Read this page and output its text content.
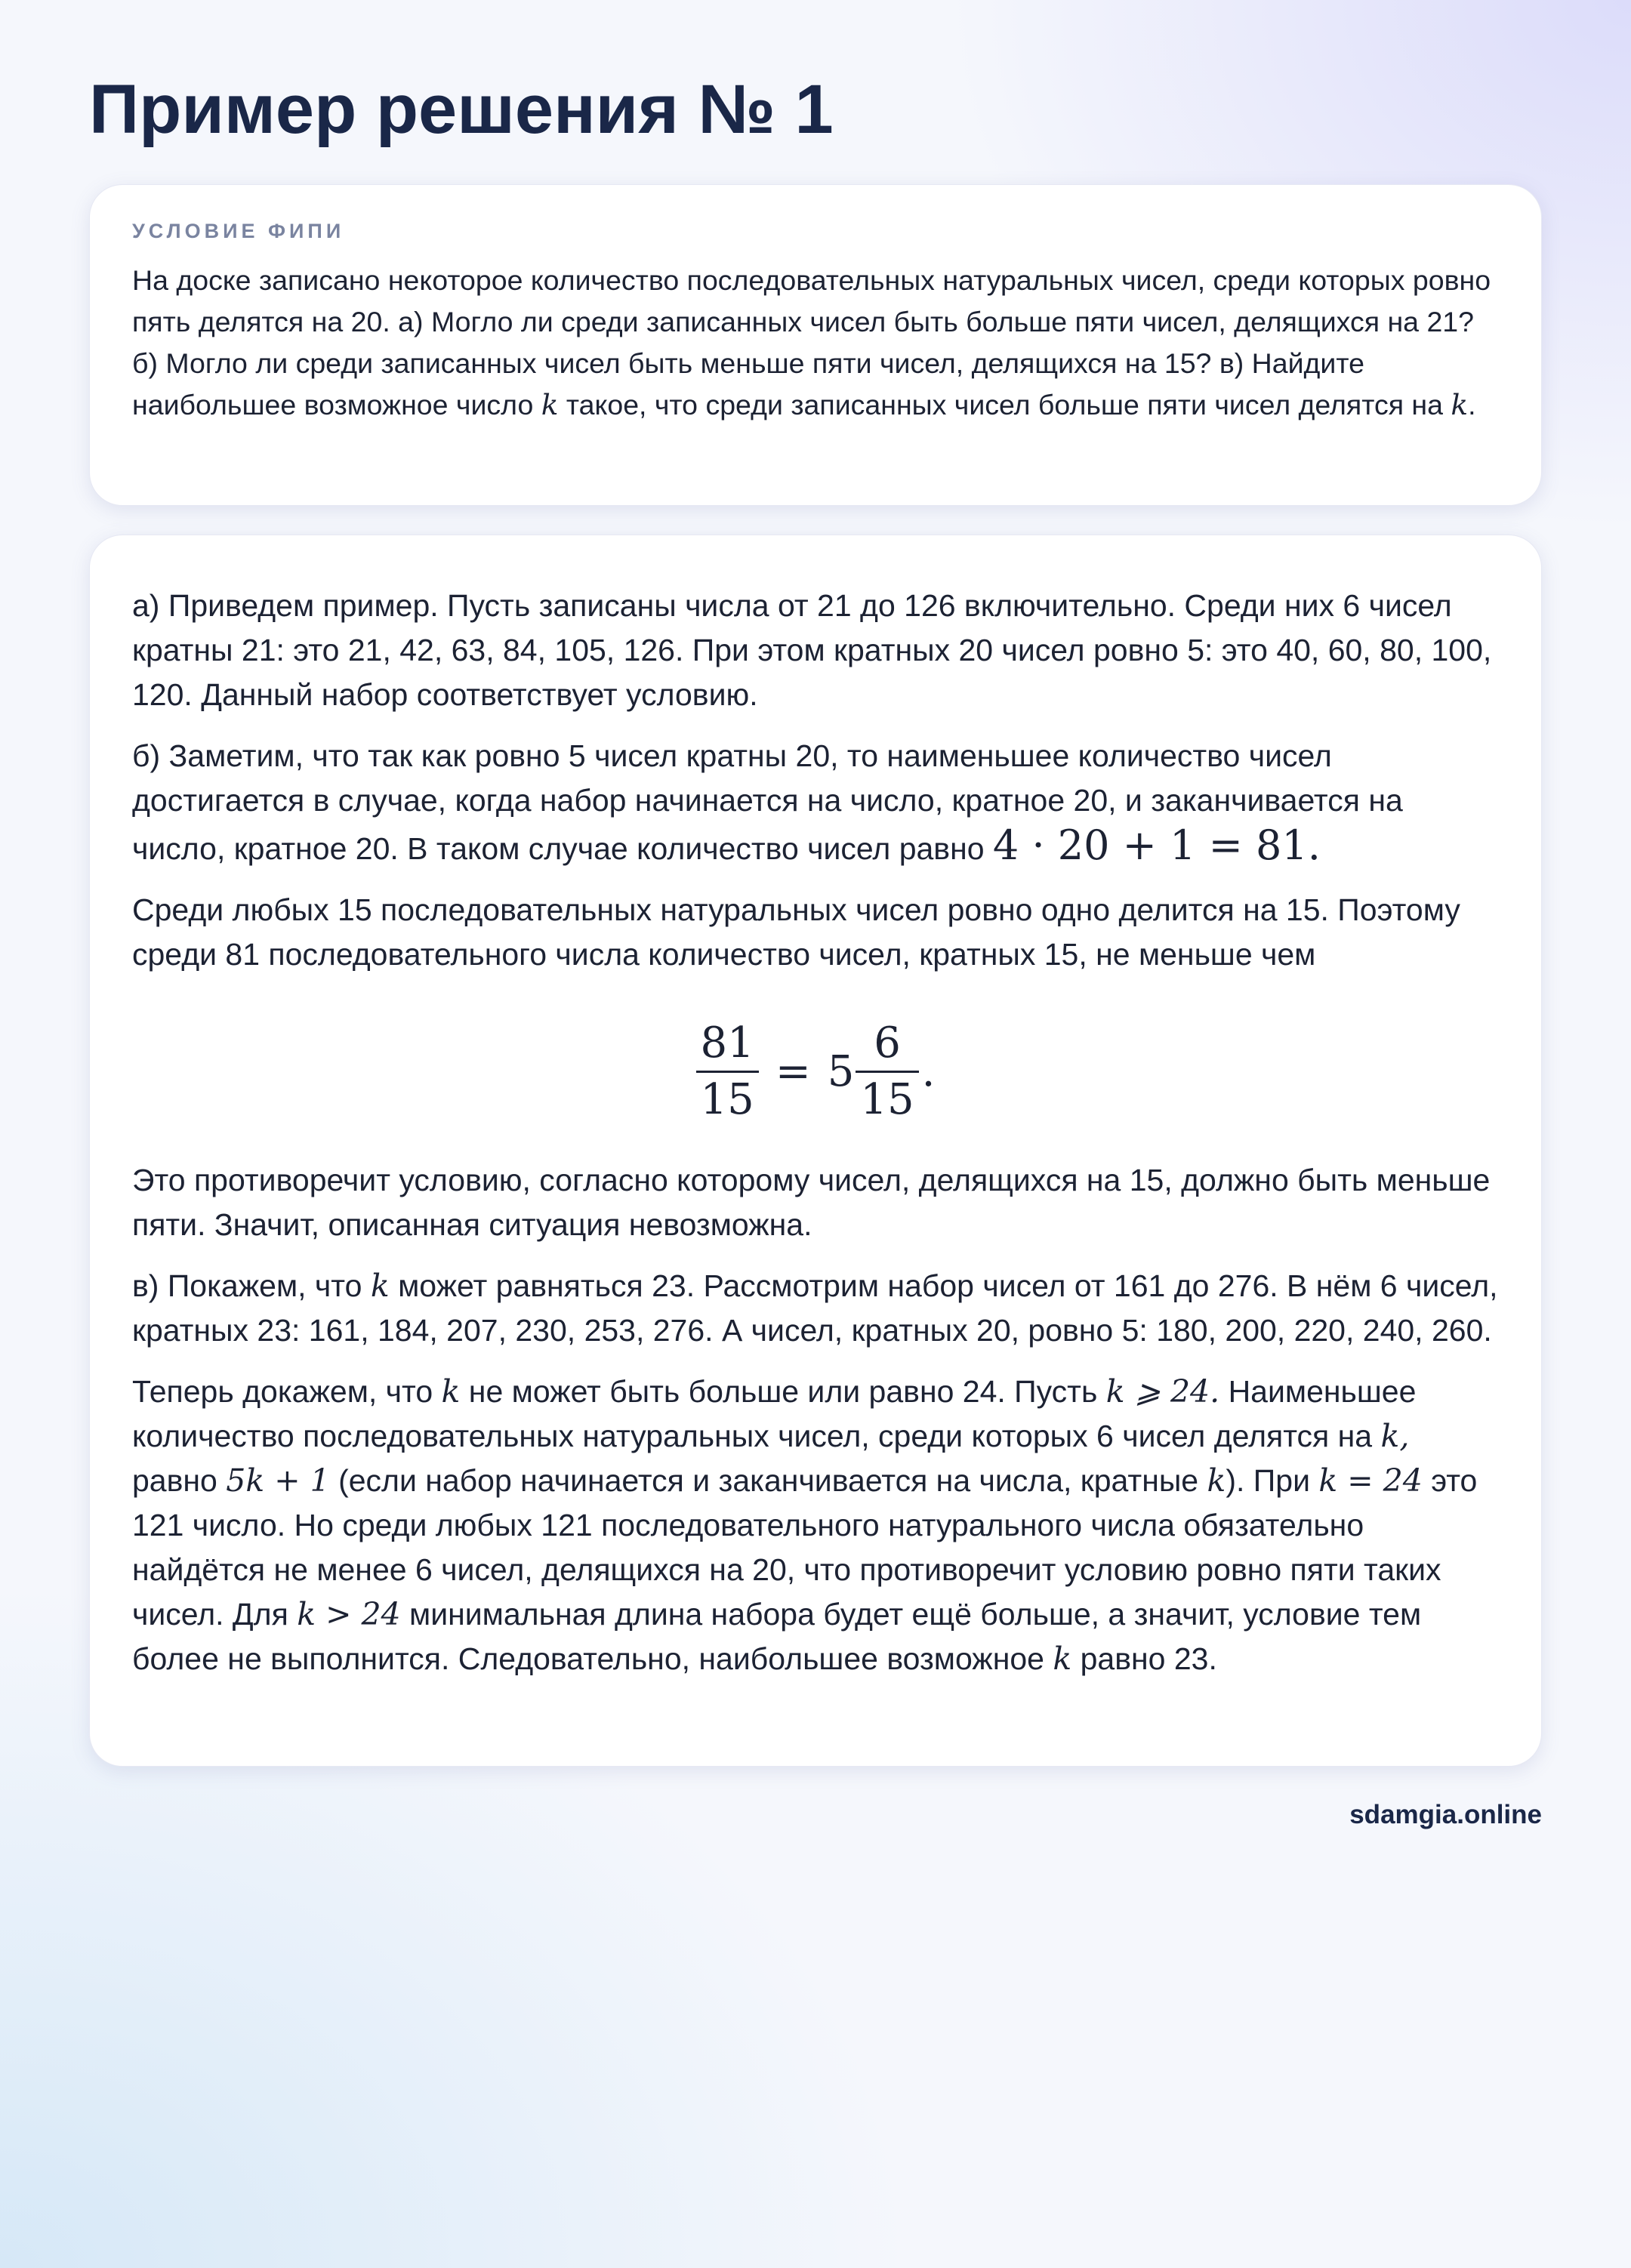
Пример решения № 1
УСЛОВИЕ ФИПИ

На доске записано некоторое количество последовательных натуральных чисел, среди которых ровно пять делятся на 20. а) Могло ли среди записанных чисел быть больше пяти чисел, делящихся на 21? б) Могло ли среди записанных чисел быть меньше пяти чисел, делящихся на 15? в) Найдите наибольшее возможное число k такое, что среди записанных чисел больше пяти чисел делятся на k.

а) Приведем пример. Пусть записаны числа от 21 до 126 включительно. Среди них 6 чисел кратны 21: это 21, 42, 63, 84, 105, 126. При этом кратных 20 чисел ровно 5: это 40, 60, 80, 100, 120. Данный набор соответствует условию.

б) Заметим, что так как ровно 5 чисел кратны 20, то наименьшее количество чисел достигается в случае, когда набор начинается на число, кратное 20, и заканчивается на число, кратное 20. В таком случае количество чисел равно 4 · 20 + 1 = 81.

Среди любых 15 последовательных натуральных чисел ровно одно делится на 15. Поэтому среди 81 последовательного числа количество чисел, кратных 15, не меньше чем

$\frac{81}{15} = 5 \frac{6}{15}$ .

Это противоречит условию, согласно которому чисел, делящихся на 15, должно быть меньше пяти. Значит, описанная ситуация невозможна.

в) Покажем, что k может равняться 23. Рассмотрим набор чисел от 161 до 276. В нём 6 чисел, кратных 23: 161, 184, 207, 230, 253, 276. А чисел, кратных 20, ровно 5: 180, 200, 220, 240, 260.

Теперь докажем, что k не может быть больше или равно 24. Пусть k ⩾ 24. Наименьшее количество последовательных натуральных чисел, среди которых 6 чисел делятся на k, равно 5k + 1 (если набор начинается и заканчивается на числа, кратные k). При k = 24 это 121 число. Но среди любых 121 последовательного натурального числа обязательно найдётся не менее 6 чисел, делящихся на 20, что противоречит условию ровно пяти таких чисел. Для k > 24 минимальная длина набора будет ещё больше, а значит, условие тем более не выполнится. Следовательно, наибольшее возможное k равно 23.

sdamgia.online
